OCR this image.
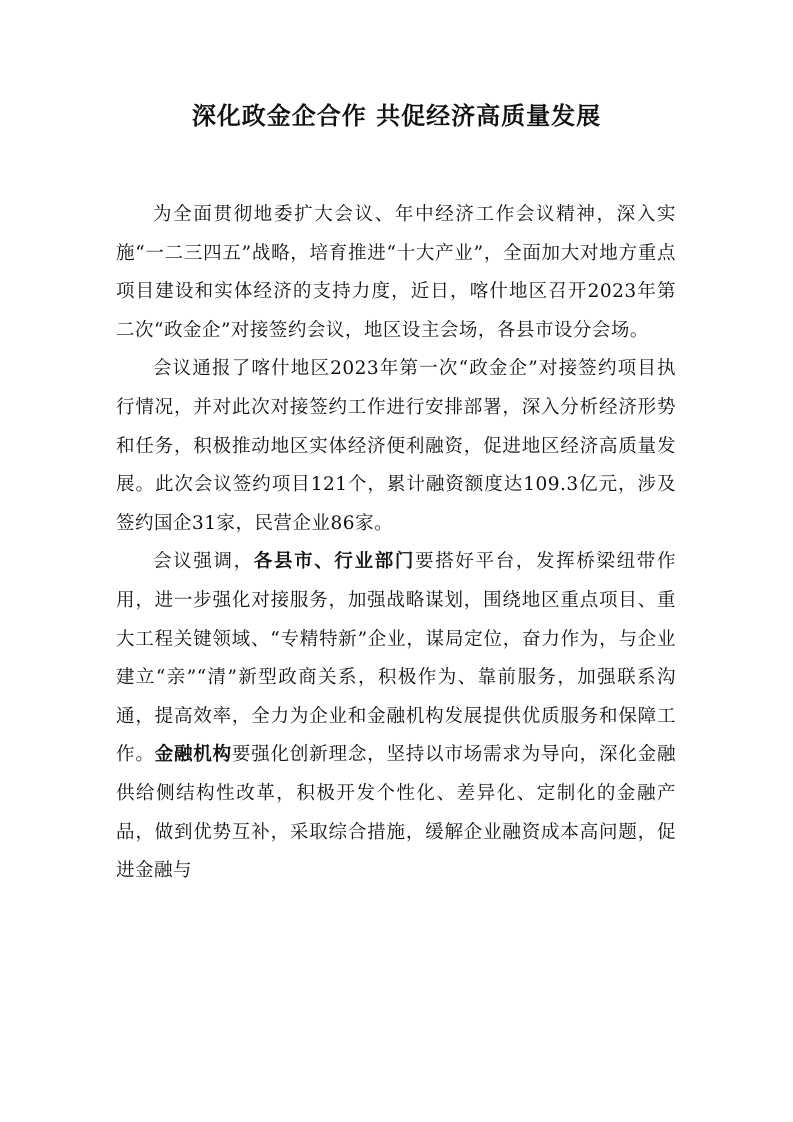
深化政金企合作 共促经济高质量发展

为全面贯彻地委扩大会议、年中经济工作会议精神，深入实施“一二三四五”战略，培育推进“十大产业”，全面加大对地方重点项目建设和实体经济的支持力度，近日，喀什地区召开2023年第二次“政金企”对接签约会议，地区设主会场，各县市设分会场。

会议通报了喀什地区2023年第一次“政金企”对接签约项目执行情况，并对此次对接签约工作进行安排部署，深入分析经济形势和任务，积极推动地区实体经济便利融资，促进地区经济高质量发展。此次会议签约项目121个，累计融资额度达109.3亿元，涉及签约国企31家，民营企业86家。

会议强调，各县市、行业部门要搭好平台，发挥桥梁纽带作用，进一步强化对接服务，加强战略谋划，围绕地区重点项目、重大工程关键领域、“专精特新”企业，谋局定位，奋力作为，与企业建立“亲”“清”新型政商关系，积极作为、靠前服务，加强联系沟通，提高效率，全力为企业和金融机构发展提供优质服务和保障工作。金融机构要强化创新理念，坚持以市场需求为导向，深化金融供给侧结构性改革，积极开发个性化、差异化、定制化的金融产品，做到优势互补，采取综合措施，缓解企业融资成本高问题，促进金融与
